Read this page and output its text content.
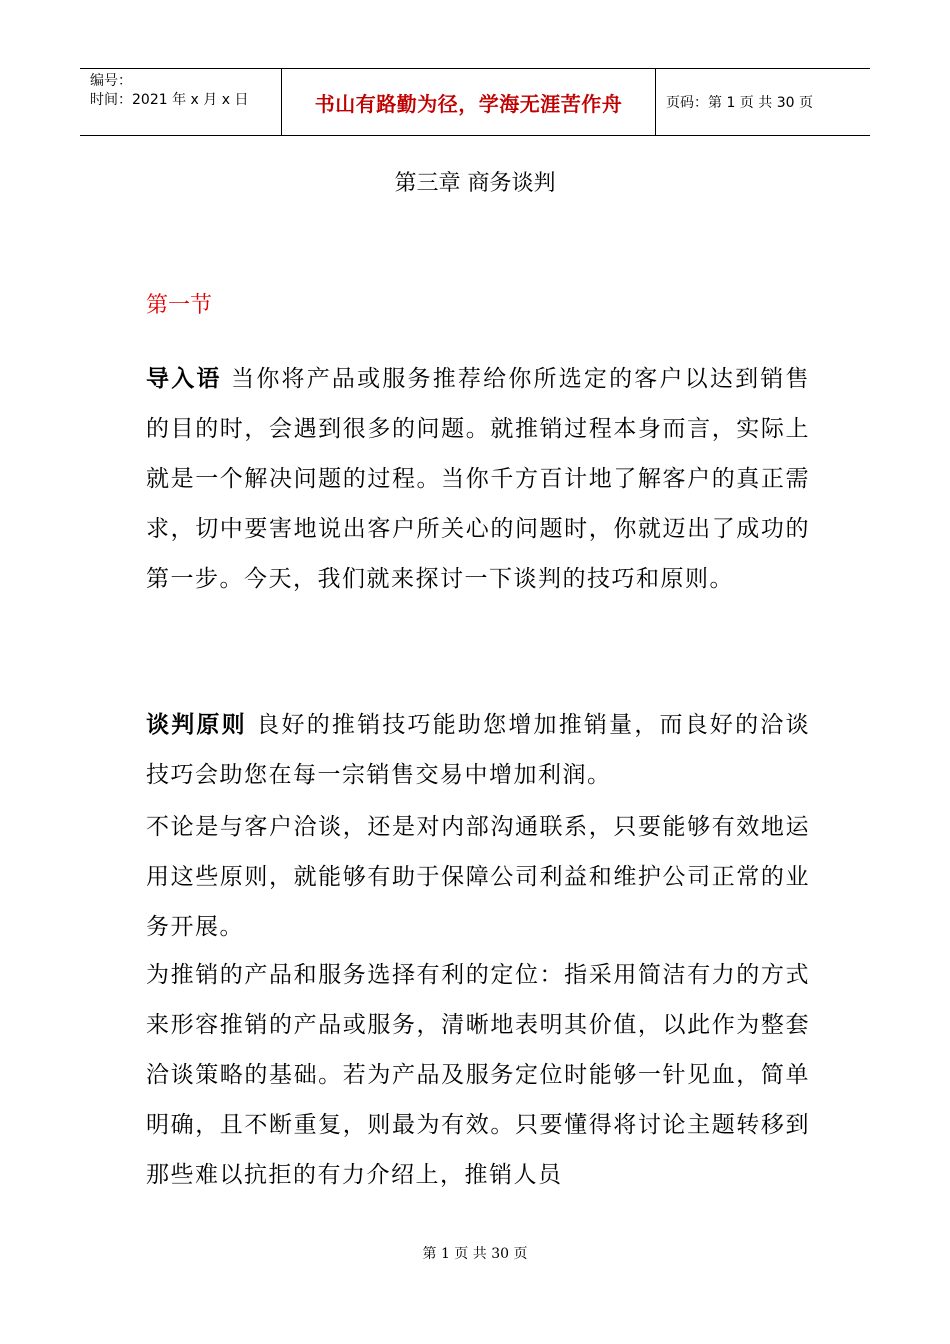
编号：
时间：2021 年 x 月 x 日	书山有路勤为径，学海无涯苦作舟	页码：第 1 页 共 30 页
第三章 商务谈判
第一节

导入语 当你将产品或服务推荐给你所选定的客户以达到销售的目的时，会遇到很多的问题。就推销过程本身而言，实际上就是一个解决问题的过程。当你千方百计地了解客户的真正需求，切中要害地说出客户所关心的问题时，你就迈出了成功的第一步。今天，我们就来探讨一下谈判的技巧和原则。

谈判原则 良好的推销技巧能助您增加推销量，而良好的洽谈技巧会助您在每一宗销售交易中增加利润。

不论是与客户洽谈，还是对内部沟通联系，只要能够有效地运用这些原则，就能够有助于保障公司利益和维护公司正常的业务开展。

为推销的产品和服务选择有利的定位：指采用简洁有力的方式来形容推销的产品或服务，清晰地表明其价值，以此作为整套洽谈策略的基础。若为产品及服务定位时能够一针见血，简单明确，且不断重复，则最为有效。只要懂得将讨论主题转移到那些难以抗拒的有力介绍上，推销人员

第 1 页 共 30 页
